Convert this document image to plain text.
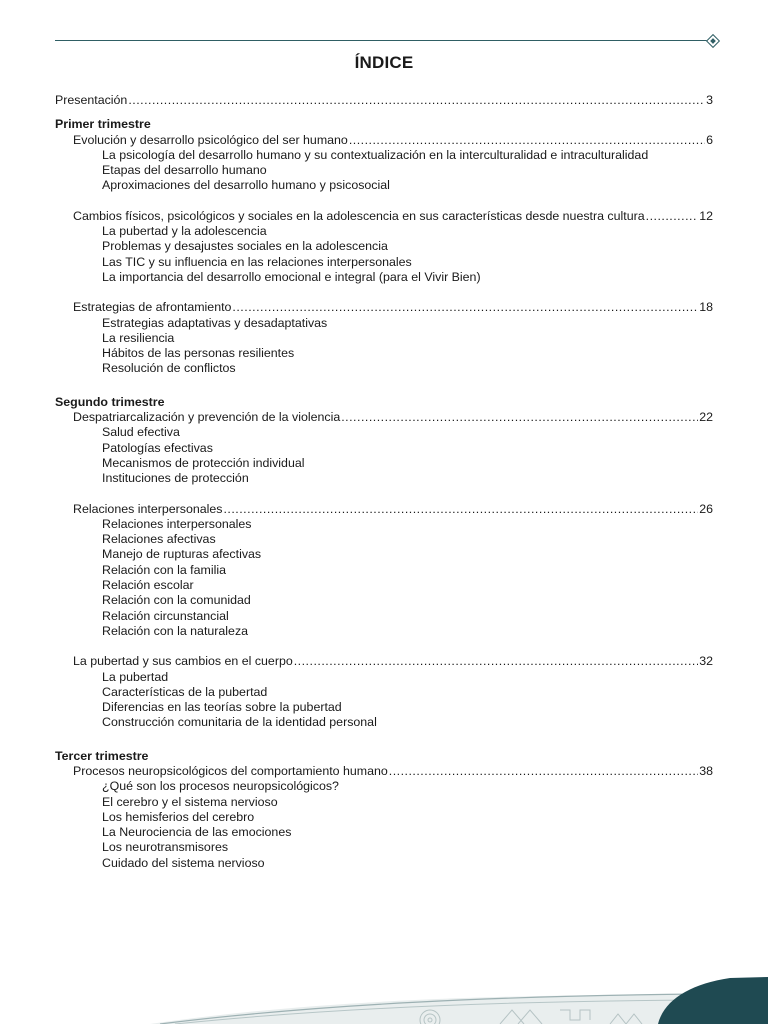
ÍNDICE
Presentación .....	3
Primer trimestre
Evolución y desarrollo psicológico del ser humano .....	6
La psicología del desarrollo humano y su contextualización en la interculturalidad e intraculturalidad
Etapas del desarrollo humano
Aproximaciones del desarrollo humano y psicosocial
Cambios físicos, psicológicos y sociales en la adolescencia en sus características desde nuestra cultura .....	12
La pubertad y la adolescencia
Problemas y desajustes sociales en la adolescencia
Las TIC y su influencia en las relaciones interpersonales
La importancia del desarrollo emocional e integral (para el Vivir Bien)
Estrategias de afrontamiento .....	18
Estrategias adaptativas y desadaptativas
La resiliencia
Hábitos de las personas resilientes
Resolución de conflictos
Segundo trimestre
Despatriarcalización y prevención de la violencia .....	22
Salud efectiva
Patologías efectivas
Mecanismos de protección individual
Instituciones de protección
Relaciones interpersonales .....	26
Relaciones interpersonales
Relaciones afectivas
Manejo de rupturas afectivas
Relación con la familia
Relación escolar
Relación con la comunidad
Relación circunstancial
Relación con la naturaleza
La pubertad y sus cambios en el cuerpo .....	32
La pubertad
Características de la pubertad
Diferencias en las teorías sobre la pubertad
Construcción comunitaria de la identidad personal
Tercer trimestre
Procesos neuropsicológicos del comportamiento humano .....	38
¿Qué son los procesos neuropsicológicos?
El cerebro y el sistema nervioso
Los hemisferios del cerebro
La Neurociencia de las emociones
Los neurotransmisores
Cuidado del sistema nervioso
